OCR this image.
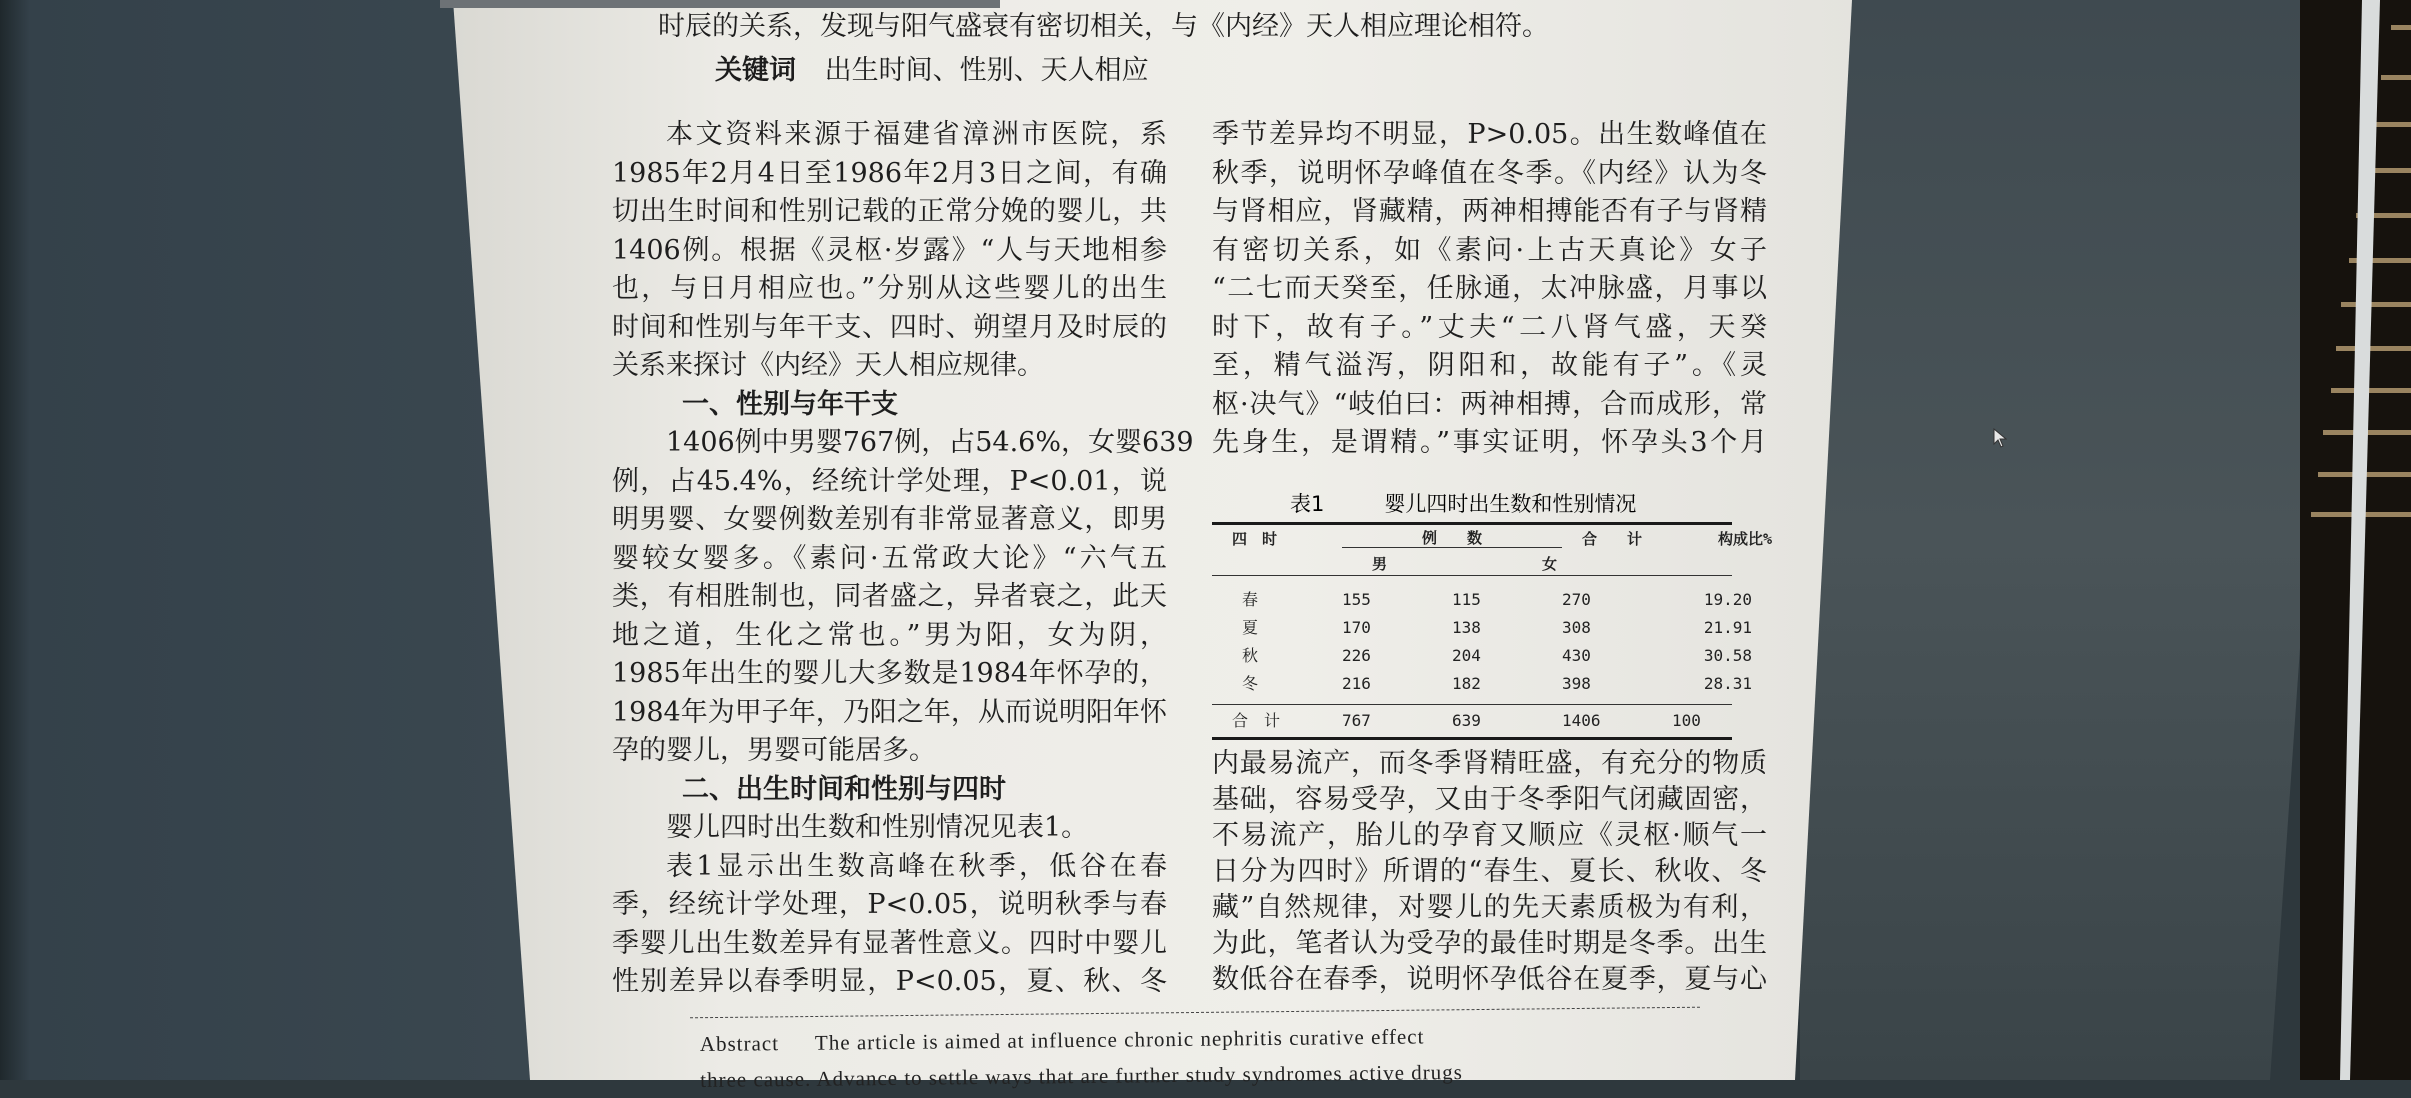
时辰的关系，发现与阳气盛衰有密切相关，与《内经》天人相应理论相符。
关键词 出生时间、性别、天人相应
本文资料来源于福建省漳洲市医院，系
1985年2月4日至1986年2月3日之间，有确
切出生时间和性别记载的正常分娩的婴儿，共
1406例。根据《灵枢·岁露》“人与天地相参
也，与日月相应也。”分别从这些婴儿的出生
时间和性别与年干支、四时、朔望月及时辰的
关系来探讨《内经》天人相应规律。
一、性别与年干支
1406例中男婴767例，占54.6%，女婴639
例，占45.4%，经统计学处理，P<0.01，说
明男婴、女婴例数差别有非常显著意义，即男
婴较女婴多。《素问·五常政大论》“六气五
类，有相胜制也，同者盛之，异者衰之，此天
地之道，生化之常也。”男为阳，女为阴，
1985年出生的婴儿大多数是1984年怀孕的，
1984年为甲子年，乃阳之年，从而说明阳年怀
孕的婴儿，男婴可能居多。
二、出生时间和性别与四时
婴儿四时出生数和性别情况见表1。
表1显示出生数高峰在秋季，低谷在春
季，经统计学处理，P<0.05，说明秋季与春
季婴儿出生数差异有显著性意义。四时中婴儿
性别差异以春季明显，P<0.05，夏、秋、冬
季节差异均不明显，P>0.05。出生数峰值在
秋季，说明怀孕峰值在冬季。《内经》认为冬
与肾相应，肾藏精，两神相搏能否有子与肾精
有密切关系，如《素问·上古天真论》女子
“二七而天癸至，任脉通，太冲脉盛，月事以
时下，故有子。”丈夫“二八肾气盛，天癸
至，精气溢泻，阴阳和，故能有子”。《灵
枢·决气》“岐伯曰：两神相搏，合而成形，常
先身生，是谓精。”事实证明，怀孕头3个月
表1	婴儿四时出生数和性别情况
四　时	例　　数	合　　计	构成比%
男	女
春	155	115	270	19.20
夏	170	138	308	21.91
秋	226	204	430	30.58
冬	216	182	398	28.31
合　计	767	639	1406	100
内最易流产，而冬季肾精旺盛，有充分的物质
基础，容易受孕，又由于冬季阳气闭藏固密，
不易流产，胎儿的孕育又顺应《灵枢·顺气一
日分为四时》所谓的“春生、夏长、秋收、冬
藏”自然规律，对婴儿的先天素质极为有利，
为此，笔者认为受孕的最佳时期是冬季。出生
数低谷在春季，说明怀孕低谷在夏季，夏与心
Abstract The article is aimed at influence chronic nephritis curative effect
three cause. Advance to settle ways that are further study syndromes active drugs
